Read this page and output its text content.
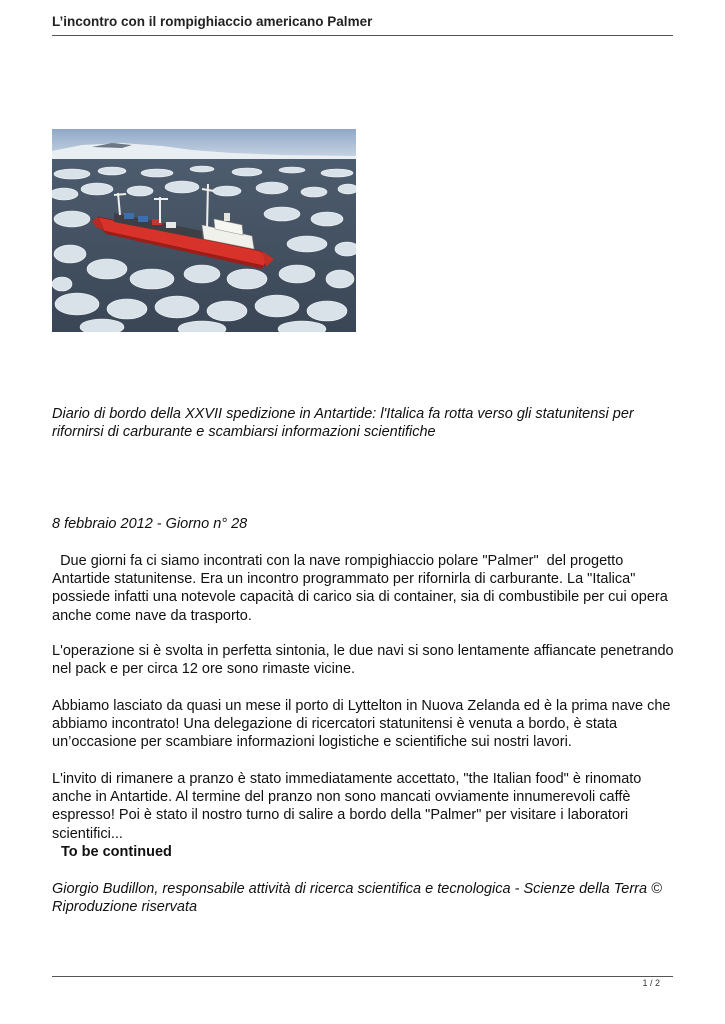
L’incontro con il rompighiaccio americano Palmer
Diario di bordo della XXVII spedizione in Antartide: l'Italica fa rotta verso gli statunitensi per rifornirsi di carburante e scambiarsi informazioni scientifiche
8 febbraio 2012 - Giorno n° 28
Due giorni fa ci siamo incontrati con la nave rompighiaccio polare "Palmer"  del progetto Antartide statunitense. Era un incontro programmato per rifornirla di carburante. La "Italica" possiede infatti una notevole capacità di carico sia di container, sia di combustibile per cui opera anche come nave da trasporto.
L'operazione si è svolta in perfetta sintonia, le due navi si sono lentamente affiancate penetrando nel pack e per circa 12 ore sono rimaste vicine.
Abbiamo lasciato da quasi un mese il porto di Lyttelton in Nuova Zelanda ed è la prima nave che abbiamo incontrato! Una delegazione di ricercatori statunitensi è venuta a bordo, è stata un’occasione per scambiare informazioni logistiche e scientifiche sui nostri lavori.
L'invito di rimanere a pranzo è stato immediatamente accettato, "the Italian food" è rinomato anche in Antartide. Al termine del pranzo non sono mancati ovviamente innumerevoli caffè espresso! Poi è stato il nostro turno di salire a bordo della "Palmer" per visitare i laboratori scientifici...
To be continued
Giorgio Budillon, responsabile attività di ricerca scientifica e tecnologica - Scienze della Terra © Riproduzione riservata
1 / 2
